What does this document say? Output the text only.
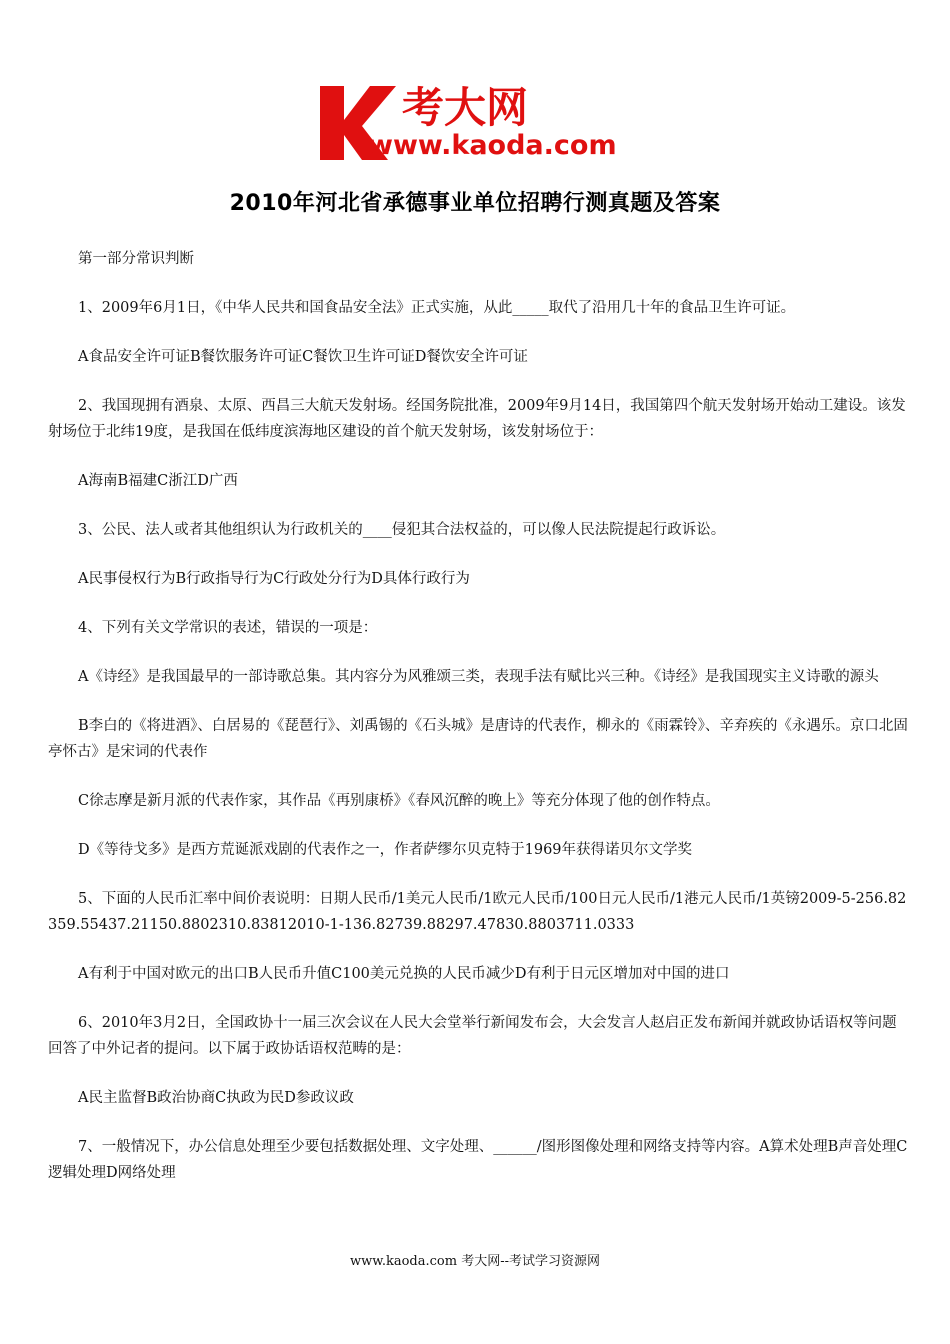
考大网
www.kaoda.com
2010年河北省承德事业单位招聘行测真题及答案

第一部分常识判断

1、2009年6月1日，《中华人民共和国食品安全法》正式实施，从此_____取代了沿用几十年的食品卫生许可证。

A食品安全许可证B餐饮服务许可证C餐饮卫生许可证D餐饮安全许可证

2、我国现拥有酒泉、太原、西昌三大航天发射场。经国务院批准，2009年9月14日，我国第四个航天发射场开始动工建设。该发射场位于北纬19度，是我国在低纬度滨海地区建设的首个航天发射场，该发射场位于：

A海南B福建C浙江D广西

3、公民、法人或者其他组织认为行政机关的____侵犯其合法权益的，可以像人民法院提起行政诉讼。

A民事侵权行为B行政指导行为C行政处分行为D具体行政行为

4、下列有关文学常识的表述，错误的一项是：

A《诗经》是我国最早的一部诗歌总集。其内容分为风雅颂三类，表现手法有赋比兴三种。《诗经》是我国现实主义诗歌的源头

B李白的《将进酒》、白居易的《琵琶行》、刘禹锡的《石头城》是唐诗的代表作，柳永的《雨霖铃》、辛弃疾的《永遇乐。京口北固亭怀古》是宋词的代表作

C徐志摩是新月派的代表作家，其作品《再别康桥》《春风沉醉的晚上》等充分体现了他的创作特点。

D《等待戈多》是西方荒诞派戏剧的代表作之一，作者萨缪尔贝克特于1969年获得诺贝尔文学奖

5、下面的人民币汇率中间价表说明：日期人民币/1美元人民币/1欧元人民币/100日元人民币/1港元人民币/1英镑2009-5-256.82359.55437.21150.8802310.83812010-1-136.82739.88297.47830.8803711.0333

A有利于中国对欧元的出口B人民币升值C100美元兑换的人民币减少D有利于日元区增加对中国的进口

6、2010年3月2日，全国政协十一届三次会议在人民大会堂举行新闻发布会，大会发言人赵启正发布新闻并就政协话语权等问题回答了中外记者的提问。以下属于政协话语权范畴的是：

A民主监督B政治协商C执政为民D参政议政

7、一般情况下，办公信息处理至少要包括数据处理、文字处理、______/图形图像处理和网络支持等内容。A算术处理B声音处理C逻辑处理D网络处理

www.kaoda.com 考大网--考试学习资源网
